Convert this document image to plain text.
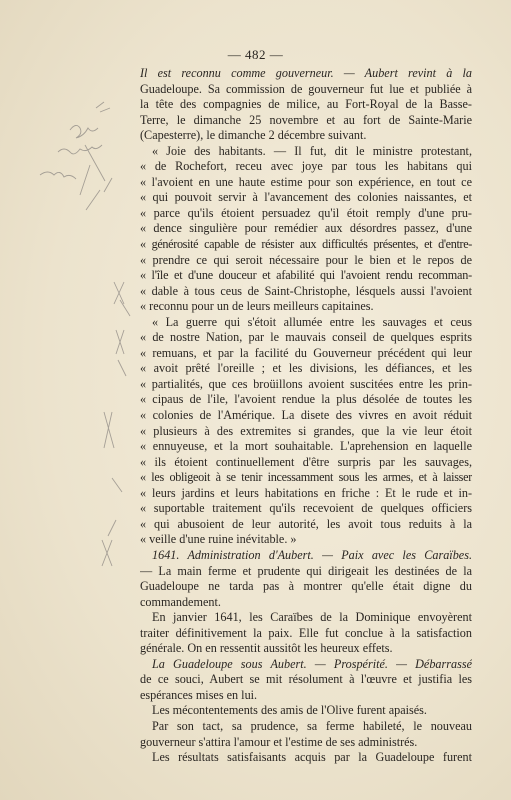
— 482 —
Il est reconnu comme gouverneur. — Aubert revint à la
Guadeloupe. Sa commission de gouverneur fut lue et publiée à
la tête des compagnies de milice, au Fort-Royal de la Basse-
Terre, le dimanche 25 novembre et au fort de Sainte-Marie
(Capesterre), le dimanche 2 décembre suivant.
« Joie des habitants. — Il fut, dit le ministre protestant,
« de Rochefort, receu avec joye par tous les habitans qui
« l'avoient en une haute estime pour son expérience, en tout ce
« qui pouvoit servir à l'avancement des colonies naissantes, et
« parce qu'ils étoient persuadez qu'il étoit remply d'une pru-
« dence singulière pour remédier aux désordres passez, d'une
« générosité capable de résister aux difficultés présentes, et d'entre-
« prendre ce qui seroit nécessaire pour le bien et le repos de
« l'île et d'une douceur et afabilité qui l'avoient rendu recomman-
« dable à tous ceus de Saint-Christophe, lésquels aussi l'avoient
« reconnu pour un de leurs meilleurs capitaines.
« La guerre qui s'étoit allumée entre les sauvages et ceus
« de nostre Nation, par le mauvais conseil de quelques esprits
« remuans, et par la facilité du Gouverneur précédent qui leur
« avoit prêté l'oreille ; et les divisions, les défiances, et les
« partialités, que ces broüillons avoient suscitées entre les prin-
« cipaus de l'ile, l'avoient rendue la plus désolée de toutes les
« colonies de l'Amérique. La disete des vivres en avoit réduit
« plusieurs à des extremites si grandes, que la vie leur étoit
« ennuyeuse, et la mort souhaitable. L'aprehension en laquelle
« ils étoient continuellement d'être surpris par les sauvages,
« les obligeoit à se tenir incessamment sous les armes, et à laisser
« leurs jardins et leurs habitations en friche : Et le rude et in-
« suportable traitement qu'ils recevoient de quelques officiers
« qui abusoient de leur autorité, les avoit tous reduits à la
« veille d'une ruine inévitable. »
1641. Administration d'Aubert. — Paix avec les Caraïbes.
— La main ferme et prudente qui dirigeait les destinées de la
Guadeloupe ne tarda pas à montrer qu'elle était digne du
commandement.
En janvier 1641, les Caraïbes de la Dominique envoyèrent
traiter définitivement la paix. Elle fut conclue à la satisfaction
générale. On en ressentit aussitôt les heureux effets.
La Guadeloupe sous Aubert. — Prospérité. — Débarrassé
de ce souci, Aubert se mit résolument à l'œuvre et justifia les
espérances mises en lui.
Les mécontentements des amis de l'Olive furent apaisés.
Par son tact, sa prudence, sa ferme habileté, le nouveau
gouverneur s'attira l'amour et l'estime de ses administrés.
Les résultats satisfaisants acquis par la Guadeloupe furent
